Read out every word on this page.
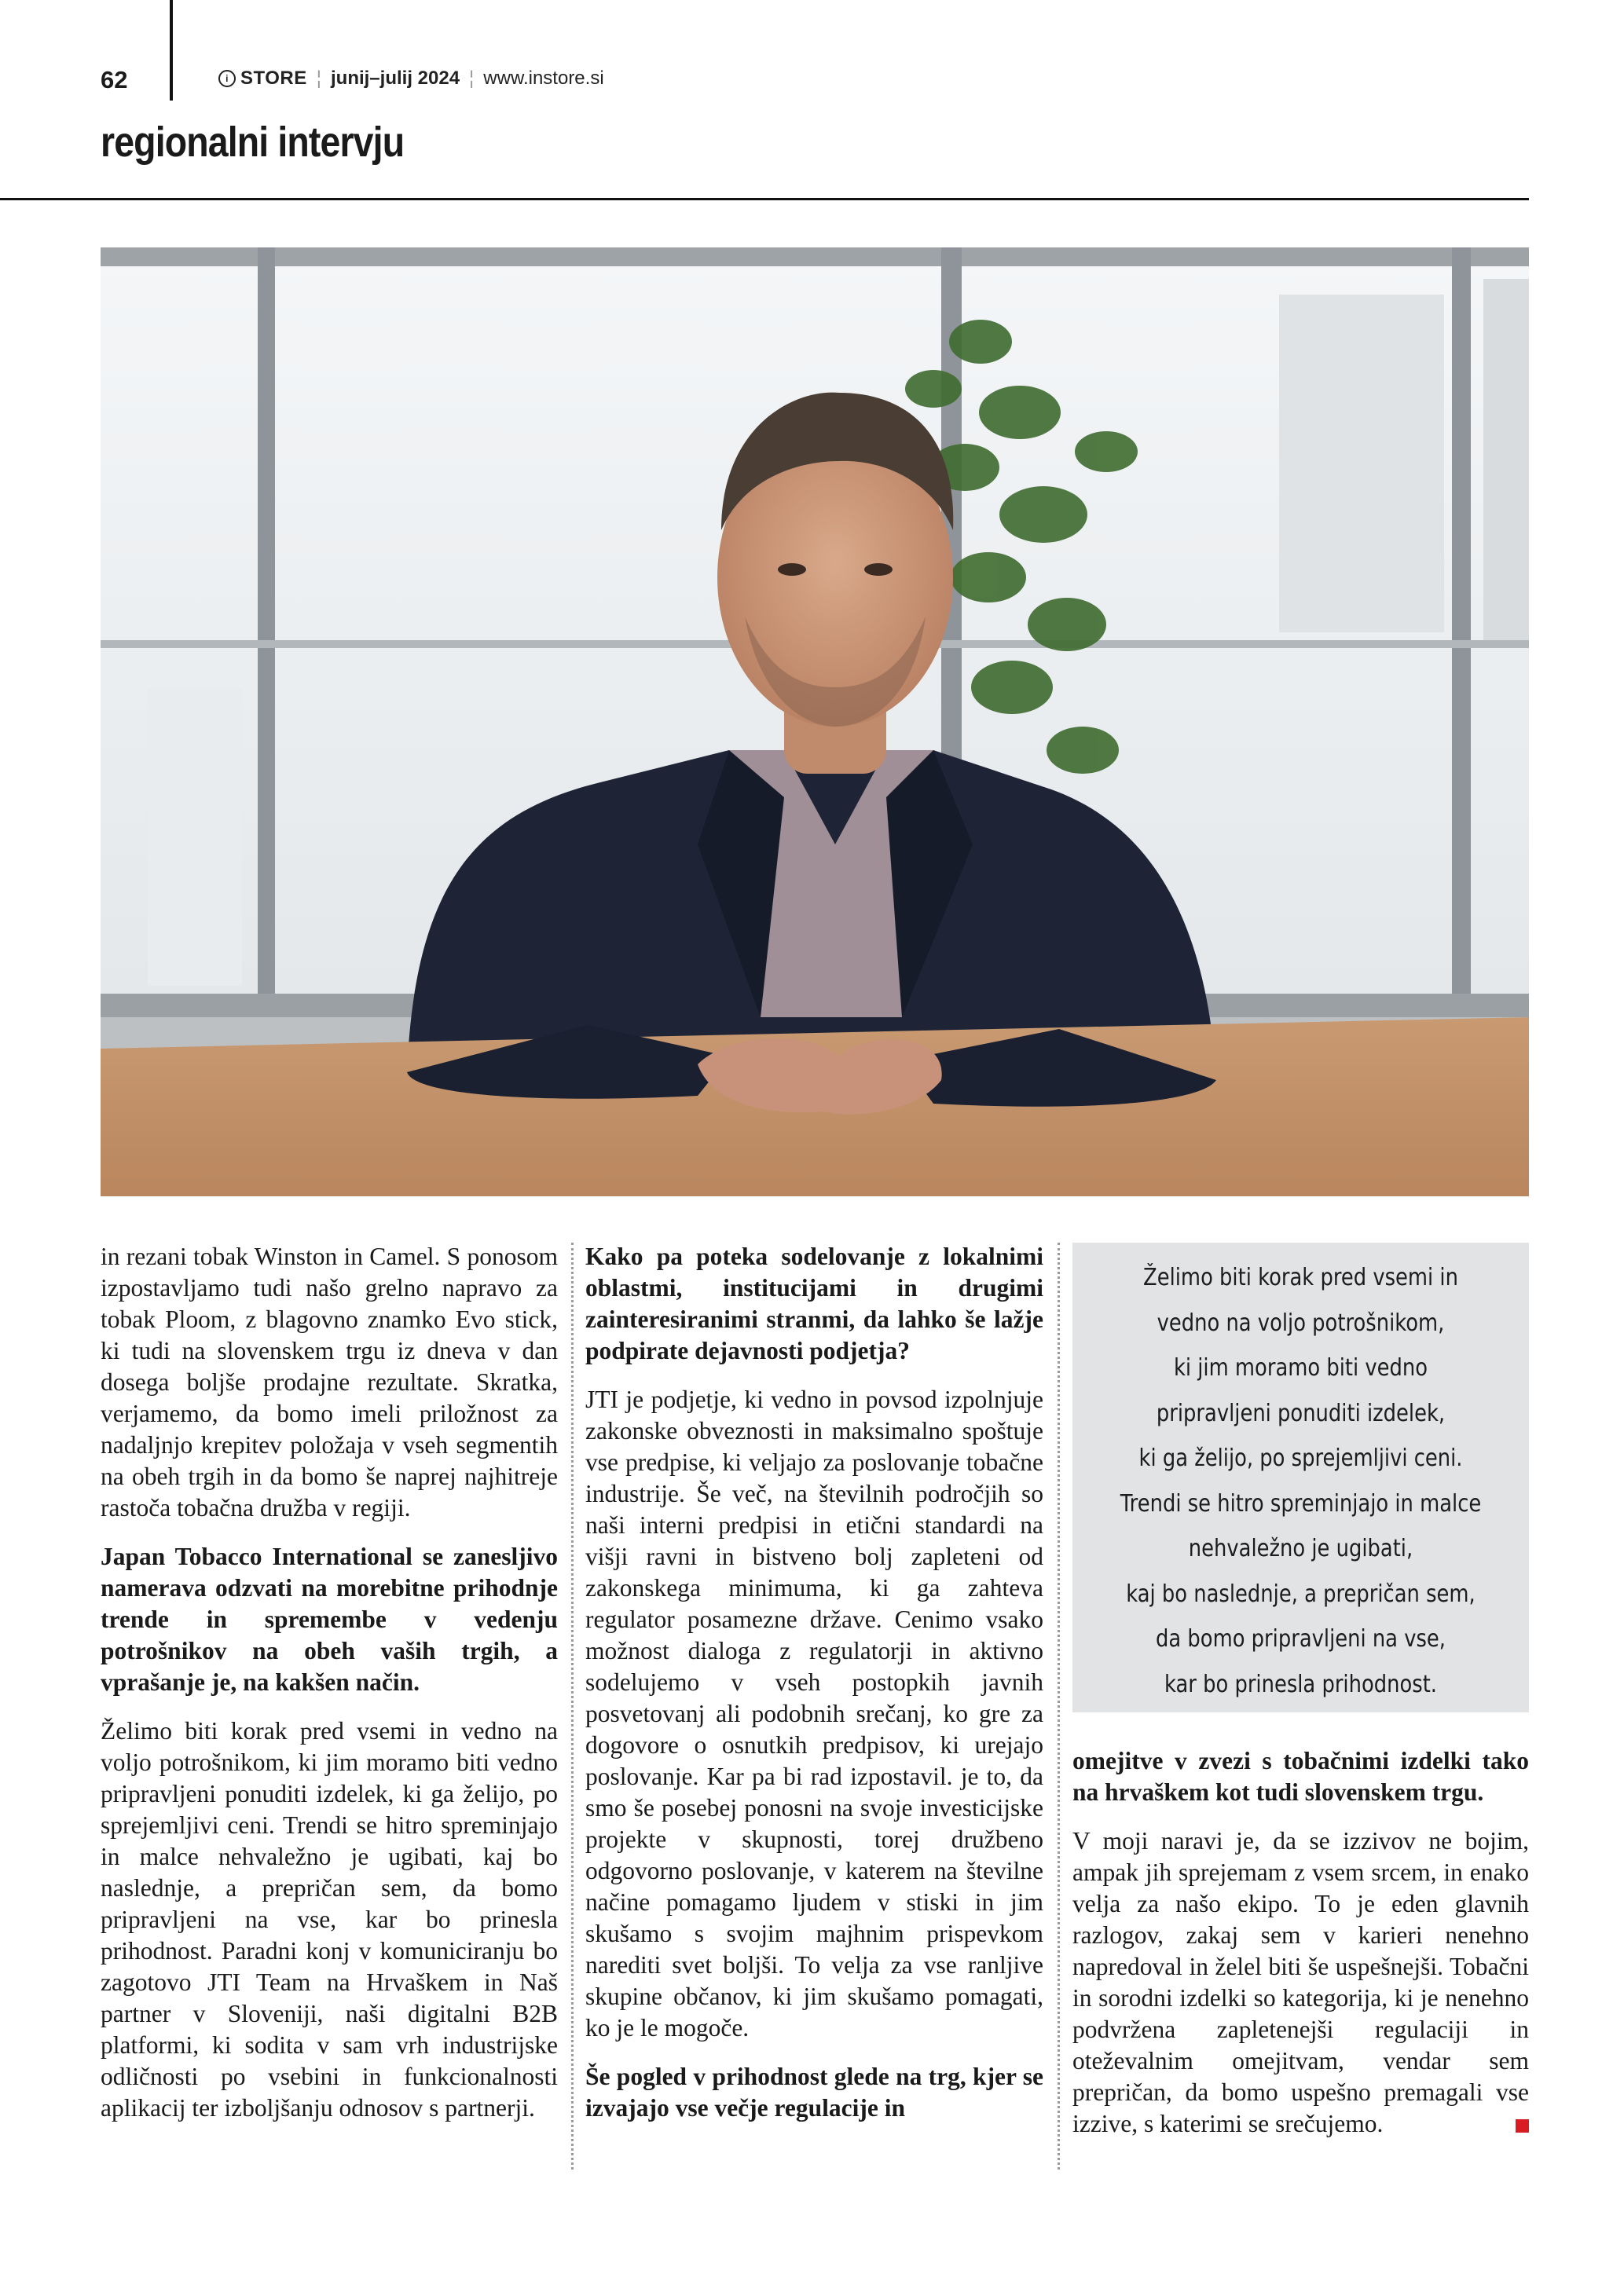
62	i STORE ¦ junij–julij 2024 ¦ www.instore.si
regionalni intervju

in rezani tobak Winston in Camel. S ponosom izpostavljamo tudi našo grelno napravo za tobak Ploom, z blagovno znamko Evo stick, ki tudi na slovenskem trgu iz dneva v dan dosega boljše prodajne rezultate. Skratka, verjamemo, da bomo imeli priložnost za nadaljnjo krepitev položaja v vseh segmentih na obeh trgih in da bomo še naprej najhitreje rastoča tobačna družba v regiji.

Japan Tobacco International se zanesljivo namerava odzvati na morebitne prihodnje trende in spremembe v vedenju potrošnikov na obeh vaših trgih, a vprašanje je, na kakšen način.

Želimo biti korak pred vsemi in vedno na voljo potrošnikom, ki jim moramo biti vedno pripravljeni ponuditi izdelek, ki ga želijo, po sprejemljivi ceni. Trendi se hitro spreminjajo in malce nehvaležno je ugibati, kaj bo naslednje, a prepričan sem, da bomo pripravljeni na vse, kar bo prinesla prihodnost. Paradni konj v komuniciranju bo zagotovo JTI Team na Hrvaškem in Naš partner v Sloveniji, naši digitalni B2B platformi, ki sodita v sam vrh industrijske odličnosti po vsebini in funkcionalnosti aplikacij ter izboljšanju odnosov s partnerji.

Kako pa poteka sodelovanje z lokalnimi oblastmi, institucijami in drugimi zainteresiranimi stranmi, da lahko še lažje podpirate dejavnosti podjetja?

JTI je podjetje, ki vedno in povsod izpolnjuje zakonske obveznosti in maksimalno spoštuje vse predpise, ki veljajo za poslovanje tobačne industrije. Še več, na številnih področjih so naši interni predpisi in etični standardi na višji ravni in bistveno bolj zapleteni od zakonskega minimuma, ki ga zahteva regulator posamezne države. Cenimo vsako možnost dialoga z regulatorji in aktivno sodelujemo v vseh postopkih javnih posvetovanj ali podobnih srečanj, ko gre za dogovore o osnutkih predpisov, ki urejajo poslovanje. Kar pa bi rad izpostavil. je to, da smo še posebej ponosni na svoje investicijske projekte v skupnosti, torej družbeno odgovorno poslovanje, v katerem na številne načine pomagamo ljudem v stiski in jim skušamo s svojim majhnim prispevkom narediti svet boljši. To velja za vse ranljive skupine občanov, ki jim skušamo pomagati, ko je le mogoče.

Še pogled v prihodnost glede na trg, kjer se izvajajo vse večje regulacije in

Želimo biti korak pred vsemi in
vedno na voljo potrošnikom,
ki jim moramo biti vedno
pripravljeni ponuditi izdelek,
ki ga želijo, po sprejemljivi ceni.
Trendi se hitro spreminjajo in malce
nehvaležno je ugibati,
kaj bo naslednje, a prepričan sem,
da bomo pripravljeni na vse,
kar bo prinesla prihodnost.

omejitve v zvezi s tobačnimi izdelki tako na hrvaškem kot tudi slovenskem trgu.

V moji naravi je, da se izzivov ne bojim, ampak jih sprejemam z vsem srcem, in enako velja za našo ekipo. To je eden glavnih razlogov, zakaj sem v karieri nenehno napredoval in želel biti še uspešnejši. Tobačni in sorodni izdelki so kategorija, ki je nenehno podvržena zapletenejši regulaciji in oteževalnim omejitvam, vendar sem prepričan, da bomo uspešno premagali vse izzive, s katerimi se srečujemo.
